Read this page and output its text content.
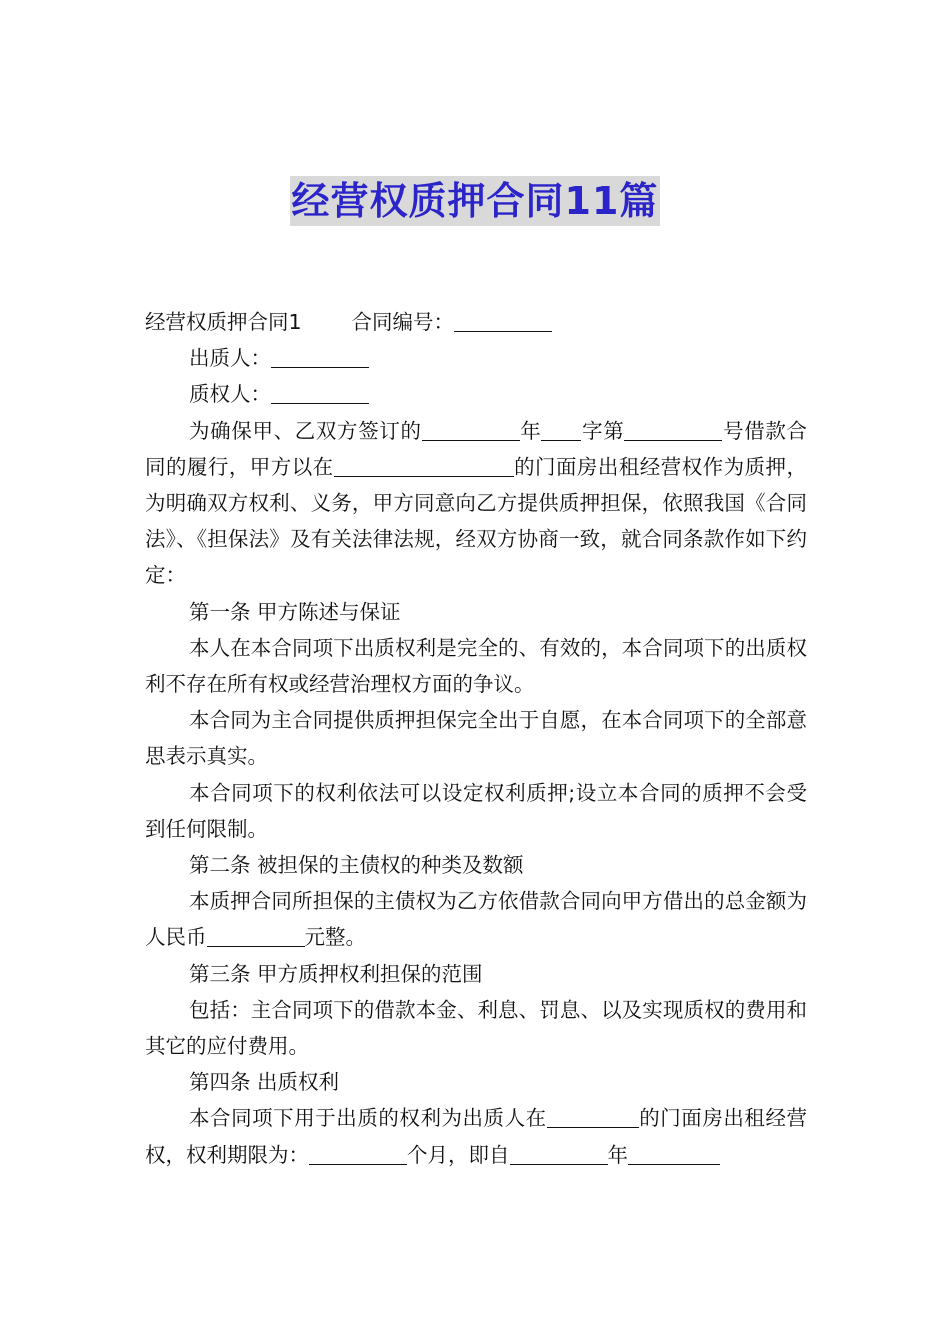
经营权质押合同11篇

经营权质押合同1 合同编号：

出质人：

质权人：

为确保甲、乙双方签订的	年 字第	号借款合同的履行，甲方以在	的门面房出租经营权作为质押，为明确双方权利、义务，甲方同意向乙方提供质押担保，依照我国《合同法》、《担保法》及有关法律法规，经双方协商一致，就合同条款作如下约定：

第一条 甲方陈述与保证

本人在本合同项下出质权利是完全的、有效的，本合同项下的出质权利不存在所有权或经营治理权方面的争议。

本合同为主合同提供质押担保完全出于自愿，在本合同项下的全部意思表示真实。

本合同项下的权利依法可以设定权利质押;设立本合同的质押不会受到任何限制。

第二条 被担保的主债权的种类及数额

本质押合同所担保的主债权为乙方依借款合同向甲方借出的总金额为人民币	元整。

第三条 甲方质押权利担保的范围

包括：主合同项下的借款本金、利息、罚息、以及实现质权的费用和其它的应付费用。

第四条 出质权利

本合同项下用于出质的权利为出质人在	的门面房出租经营权，权利期限为：	个月，即自	年
